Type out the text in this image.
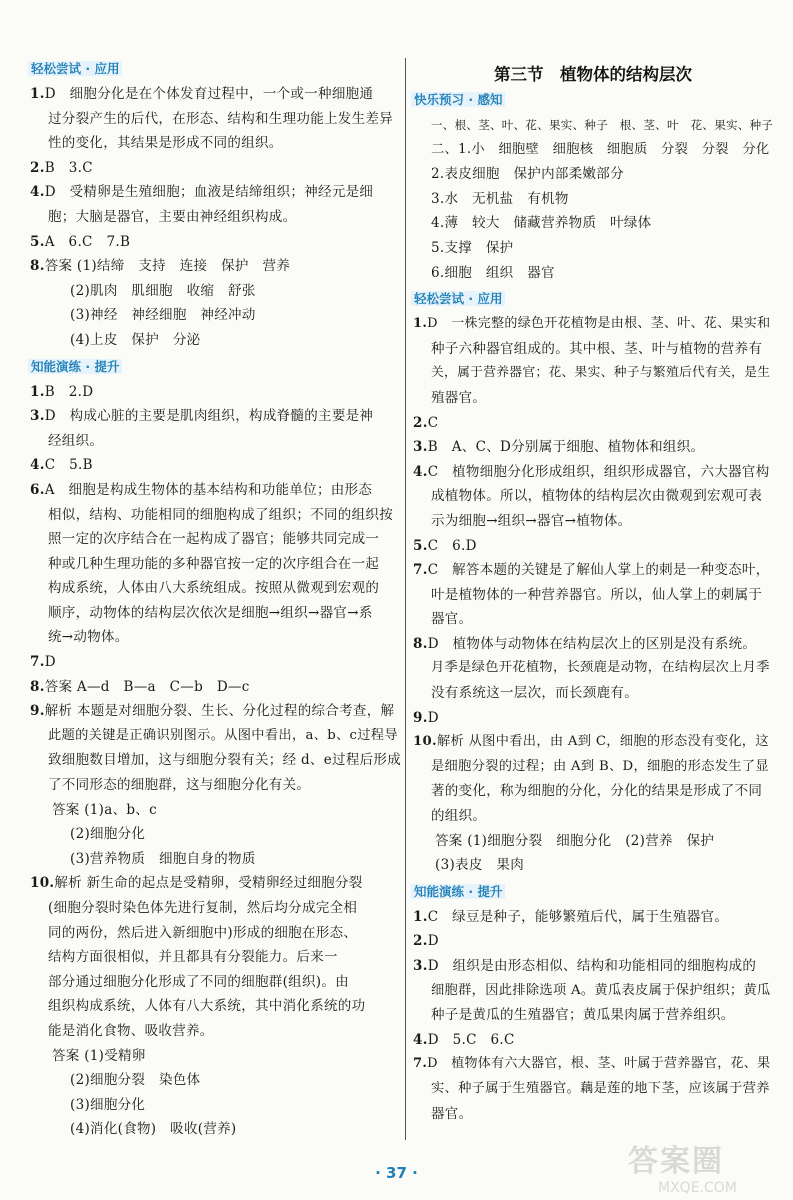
轻松尝试 · 应用
1.D　细胞分化是在个体发育过程中，一个或一种细胞通
过分裂产生的后代，在形态、结构和生理功能上发生差异
性的变化，其结果是形成不同的组织。
2.B　3.C
4.D　受精卵是生殖细胞；血液是结缔组织；神经元是细
胞；大脑是器官，主要由神经组织构成。
5.A　6.C　7.B
8.答案 (1)结缔　支持　连接　保护　营养
(2)肌肉　肌细胞　收缩　舒张
(3)神经　神经细胞　神经冲动
(4)上皮　保护　分泌
知能演练 · 提升
1.B　2.D
3.D　构成心脏的主要是肌肉组织，构成脊髓的主要是神
经组织。
4.C　5.B
6.A　细胞是构成生物体的基本结构和功能单位；由形态
相似，结构、功能相同的细胞构成了组织；不同的组织按
照一定的次序结合在一起构成了器官；能够共同完成一
种或几种生理功能的多种器官按一定的次序组合在一起
构成系统，人体由八大系统组成。按照从微观到宏观的
顺序，动物体的结构层次依次是细胞→组织→器官→系
统→动物体。
7.D
8.答案 A—d　B—a　C—b　D—c
9.解析 本题是对细胞分裂、生长、分化过程的综合考查，解
此题的关键是正确识别图示。从图中看出，a、b、c过程导
致细胞数目增加，这与细胞分裂有关；经 d、e过程后形成
了不同形态的细胞群，这与细胞分化有关。
答案 (1)a、b、c
(2)细胞分化
(3)营养物质　细胞自身的物质
10.解析 新生命的起点是受精卵，受精卵经过细胞分裂
(细胞分裂时染色体先进行复制，然后均分成完全相
同的两份，然后进入新细胞中)形成的细胞在形态、
结构方面很相似，并且都具有分裂能力。后来一
部分通过细胞分化形成了不同的细胞群(组织)。由
组织构成系统，人体有八大系统，其中消化系统的功
能是消化食物、吸收营养。
答案 (1)受精卵
(2)细胞分裂　染色体
(3)细胞分化
(4)消化(食物)　吸收(营养)
第三节　植物体的结构层次
快乐预习 · 感知
一、根、茎、叶、花、果实、种子　根、茎、叶　花、果实、种子
二、1.小　细胞壁　细胞核　细胞质　分裂　分裂　分化
2.表皮细胞　保护内部柔嫩部分
3.水　无机盐　有机物
4.薄　较大　储藏营养物质　叶绿体
5.支撑　保护
6.细胞　组织　器官
轻松尝试 · 应用
1.D　一株完整的绿色开花植物是由根、茎、叶、花、果实和
种子六种器官组成的。其中根、茎、叶与植物的营养有
关，属于营养器官；花、果实、种子与繁殖后代有关，是生
殖器官。
2.C
3.B　A、C、D分别属于细胞、植物体和组织。
4.C　植物细胞分化形成组织，组织形成器官，六大器官构
成植物体。所以，植物体的结构层次由微观到宏观可表
示为细胞→组织→器官→植物体。
5.C　6.D
7.C　解答本题的关键是了解仙人掌上的刺是一种变态叶，
叶是植物体的一种营养器官。所以，仙人掌上的刺属于
器官。
8.D　植物体与动物体在结构层次上的区别是没有系统。
月季是绿色开花植物，长颈鹿是动物，在结构层次上月季
没有系统这一层次，而长颈鹿有。
9.D
10.解析 从图中看出，由 A到 C，细胞的形态没有变化，这
是细胞分裂的过程；由 A到 B、D，细胞的形态发生了显
著的变化，称为细胞的分化，分化的结果是形成了不同
的组织。
答案 (1)细胞分裂　细胞分化　(2)营养　保护
(3)表皮　果肉
知能演练 · 提升
1.C　绿豆是种子，能够繁殖后代，属于生殖器官。
2.D
3.D　组织是由形态相似、结构和功能相同的细胞构成的
细胞群，因此排除选项 A。黄瓜表皮属于保护组织；黄瓜
种子是黄瓜的生殖器官；黄瓜果肉属于营养组织。
4.D　5.C　6.C
7.D　植物体有六大器官，根、茎、叶属于营养器官，花、果
实、种子属于生殖器官。藕是莲的地下茎，应该属于营养
器官。
· 37 ·	答案圈
MXQE.COM
